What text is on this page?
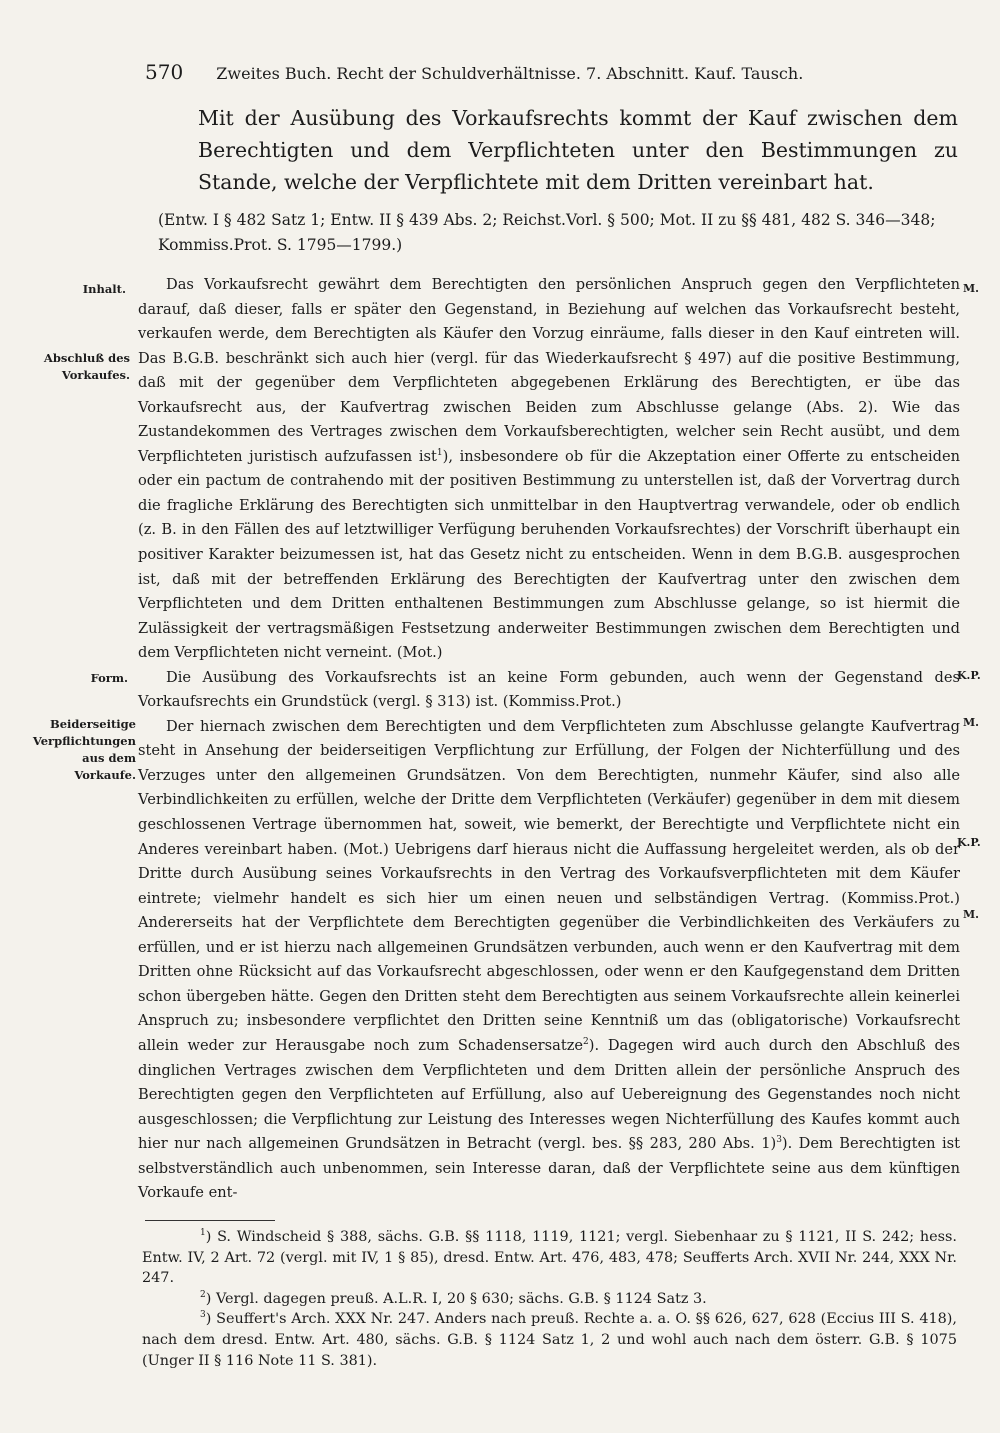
570 Zweites Buch. Recht der Schuldverhältnisse. 7. Abschnitt. Kauf. Tausch.
Mit der Ausübung des Vorkaufsrechts kommt der Kauf zwischen dem Berechtigten und dem Verpflichteten unter den Bestimmungen zu Stande, welche der Verpflichtete mit dem Dritten vereinbart hat.
(Entw. I § 482 Satz 1; Entw. II § 439 Abs. 2; Reichst.Vorl. § 500; Mot. II zu §§ 481, 482 S. 346—348; Kommiss.Prot. S. 1795—1799.)
Inhalt.
Abschluß des
Vorkaufes.
Form.
Beiderseitige
Verpflichtungen
aus dem
Vorkaufe.
M.
K.P.
M.
K.P.
M.

Das Vorkaufsrecht gewährt dem Berechtigten den persönlichen Anspruch gegen den Verpflichteten darauf, daß dieser, falls er später den Gegenstand, in Beziehung auf welchen das Vorkaufsrecht besteht, verkaufen werde, dem Berechtigten als Käufer den Vorzug einräume, falls dieser in den Kauf eintreten will. Das B.G.B. beschränkt sich auch hier (vergl. für das Wiederkaufsrecht § 497) auf die positive Bestimmung, daß mit der gegenüber dem Verpflichteten abgegebenen Erklärung des Berechtigten, er übe das Vorkaufsrecht aus, der Kaufvertrag zwischen Beiden zum Abschlusse gelange (Abs. 2). Wie das Zustandekommen des Vertrages zwischen dem Vorkaufsberechtigten, welcher sein Recht ausübt, und dem Verpflichteten juristisch aufzufassen ist$^1$), insbesondere ob für die Akzeptation einer Offerte zu entscheiden oder ein pactum de contrahendo mit der positiven Bestimmung zu unterstellen ist, daß der Vorvertrag durch die fragliche Erklärung des Berechtigten sich unmittelbar in den Hauptvertrag verwandele, oder ob endlich (z. B. in den Fällen des auf letztwilliger Verfügung beruhenden Vorkaufsrechtes) der Vorschrift überhaupt ein positiver Karakter beizumessen ist, hat das Gesetz nicht zu entscheiden. Wenn in dem B.G.B. ausgesprochen ist, daß mit der betreffenden Erklärung des Berechtigten der Kaufvertrag unter den zwischen dem Verpflichteten und dem Dritten enthaltenen Bestimmungen zum Abschlusse gelange, so ist hiermit die Zulässigkeit der vertragsmäßigen Festsetzung anderweiter Bestimmungen zwischen dem Berechtigten und dem Verpflichteten nicht verneint. (Mot.)

Die Ausübung des Vorkaufsrechts ist an keine Form gebunden, auch wenn der Gegenstand des Vorkaufsrechts ein Grundstück (vergl. § 313) ist. (Kommiss.Prot.)

Der hiernach zwischen dem Berechtigten und dem Verpflichteten zum Abschlusse gelangte Kaufvertrag steht in Ansehung der beiderseitigen Verpflichtung zur Erfüllung, der Folgen der Nichterfüllung und des Verzuges unter den allgemeinen Grundsätzen. Von dem Berechtigten, nunmehr Käufer, sind also alle Verbindlichkeiten zu erfüllen, welche der Dritte dem Verpflichteten (Verkäufer) gegenüber in dem mit diesem geschlossenen Vertrage übernommen hat, soweit, wie bemerkt, der Berechtigte und Verpflichtete nicht ein Anderes vereinbart haben. (Mot.) Uebrigens darf hieraus nicht die Auffassung hergeleitet werden, als ob der Dritte durch Ausübung seines Vorkaufsrechts in den Vertrag des Vorkaufsverpflichteten mit dem Käufer eintrete; vielmehr handelt es sich hier um einen neuen und selbständigen Vertrag. (Kommiss.Prot.) Andererseits hat der Verpflichtete dem Berechtigten gegenüber die Verbindlichkeiten des Verkäufers zu erfüllen, und er ist hierzu nach allgemeinen Grundsätzen verbunden, auch wenn er den Kaufvertrag mit dem Dritten ohne Rücksicht auf das Vorkaufsrecht abgeschlossen, oder wenn er den Kaufgegenstand dem Dritten schon übergeben hätte. Gegen den Dritten steht dem Berechtigten aus seinem Vorkaufsrechte allein keinerlei Anspruch zu; insbesondere verpflichtet den Dritten seine Kenntniß um das (obligatorische) Vorkaufsrecht allein weder zur Herausgabe noch zum Schadensersatze$^2$). Dagegen wird auch durch den Abschluß des dinglichen Vertrages zwischen dem Verpflichteten und dem Dritten allein der persönliche Anspruch des Berechtigten gegen den Verpflichteten auf Erfüllung, also auf Uebereignung des Gegenstandes noch nicht ausgeschlossen; die Verpflichtung zur Leistung des Interesses wegen Nichterfüllung des Kaufes kommt auch hier nur nach allgemeinen Grundsätzen in Betracht (vergl. bes. §§ 283, 280 Abs. 1)$^3$). Dem Berechtigten ist selbstverständlich auch unbenommen, sein Interesse daran, daß der Verpflichtete seine aus dem künftigen Vorkaufe ent-

$^1$) S. Windscheid § 388, sächs. G.B. §§ 1118, 1119, 1121; vergl. Siebenhaar zu § 1121, II S. 242; hess. Entw. IV, 2 Art. 72 (vergl. mit IV, 1 § 85), dresd. Entw. Art. 476, 483, 478; Seufferts Arch. XVII Nr. 244, XXX Nr. 247.
$^2$) Vergl. dagegen preuß. A.L.R. I, 20 § 630; sächs. G.B. § 1124 Satz 3.
$^3$) Seuffert's Arch. XXX Nr. 247. Anders nach preuß. Rechte a. a. O. §§ 626, 627, 628 (Eccius III S. 418), nach dem dresd. Entw. Art. 480, sächs. G.B. § 1124 Satz 1, 2 und wohl auch nach dem österr. G.B. § 1075 (Unger II § 116 Note 11 S. 381).
